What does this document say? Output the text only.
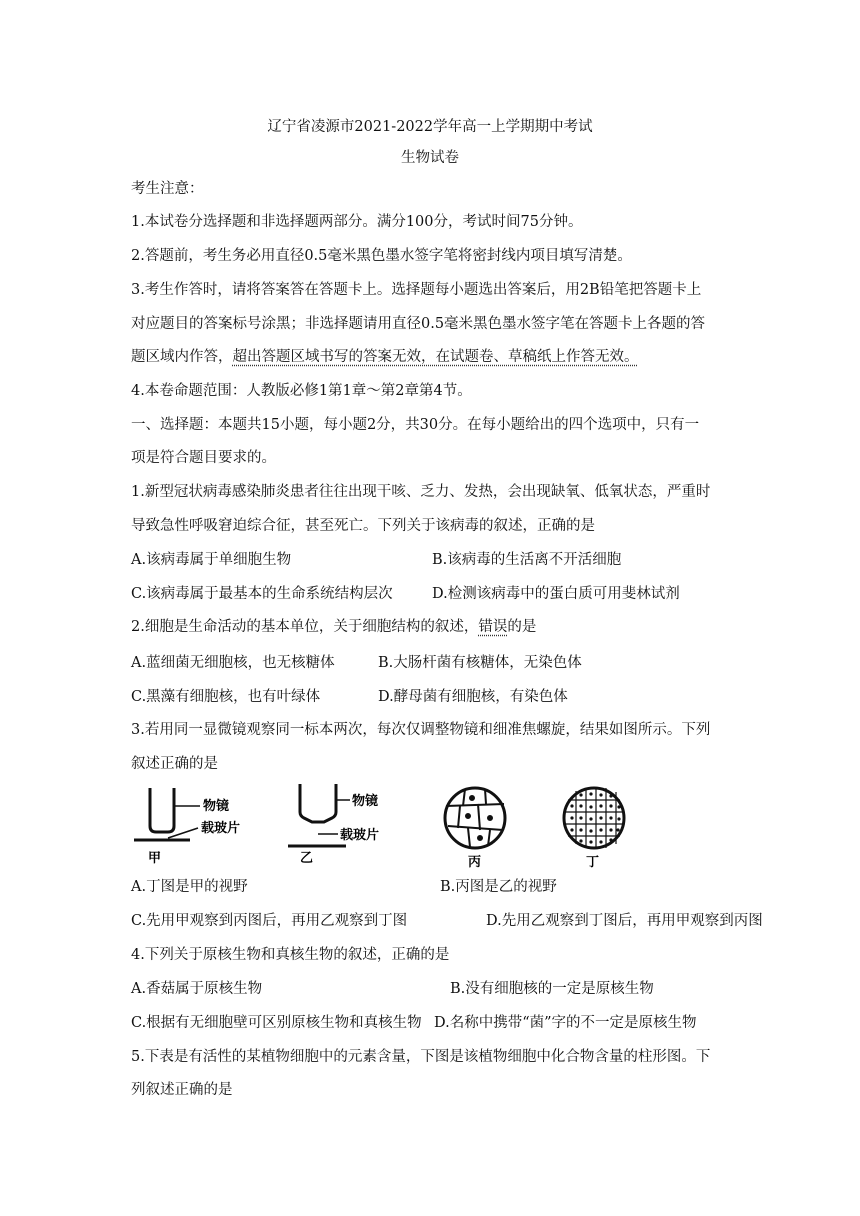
辽宁省凌源市2021-2022学年高一上学期期中考试
生物试卷
考生注意：
1.本试卷分选择题和非选择题两部分。满分100分，考试时间75分钟。
2.答题前，考生务必用直径0.5毫米黑色墨水签字笔将密封线内项目填写清楚。
3.考生作答时，请将答案答在答题卡上。选择题每小题选出答案后，用2B铅笔把答题卡上
对应题目的答案标号涂黑；非选择题请用直径0.5毫米黑色墨水签字笔在答题卡上各题的答
题区域内作答，超出答题区域书写的答案无效，在试题卷、草稿纸上作答无效。
4.本卷命题范围：人教版必修1第1章～第2章第4节。
一、选择题：本题共15小题，每小题2分，共30分。在每小题给出的四个选项中，只有一
项是符合题目要求的。
1.新型冠状病毒感染肺炎患者往往出现干咳、乏力、发热，会出现缺氧、低氧状态，严重时
导致急性呼吸窘迫综合征，甚至死亡。下列关于该病毒的叙述，正确的是
A.该病毒属于单细胞生物	B.该病毒的生活离不开活细胞
C.该病毒属于最基本的生命系统结构层次	D.检测该病毒中的蛋白质可用斐林试剂
2.细胞是生命活动的基本单位，关于细胞结构的叙述，错误的是
A.蓝细菌无细胞核，也无核糖体	B.大肠杆菌有核糖体，无染色体
C.黑藻有细胞核，也有叶绿体	D.酵母菌有细胞核，有染色体
3.若用同一显微镜观察同一标本两次，每次仅调整物镜和细准焦螺旋，结果如图所示。下列
叙述正确的是
物镜
载玻片
甲
物镜
载玻片
乙	丙	丁
A.丁图是甲的视野	B.丙图是乙的视野
C.先用甲观察到丙图后，再用乙观察到丁图	D.先用乙观察到丁图后，再用甲观察到丙图
4.下列关于原核生物和真核生物的叙述，正确的是
A.香菇属于原核生物	B.没有细胞核的一定是原核生物
C.根据有无细胞壁可区别原核生物和真核生物 D.名称中携带“菌”字的不一定是原核生物
5.下表是有活性的某植物细胞中的元素含量，下图是该植物细胞中化合物含量的柱形图。下
列叙述正确的是
